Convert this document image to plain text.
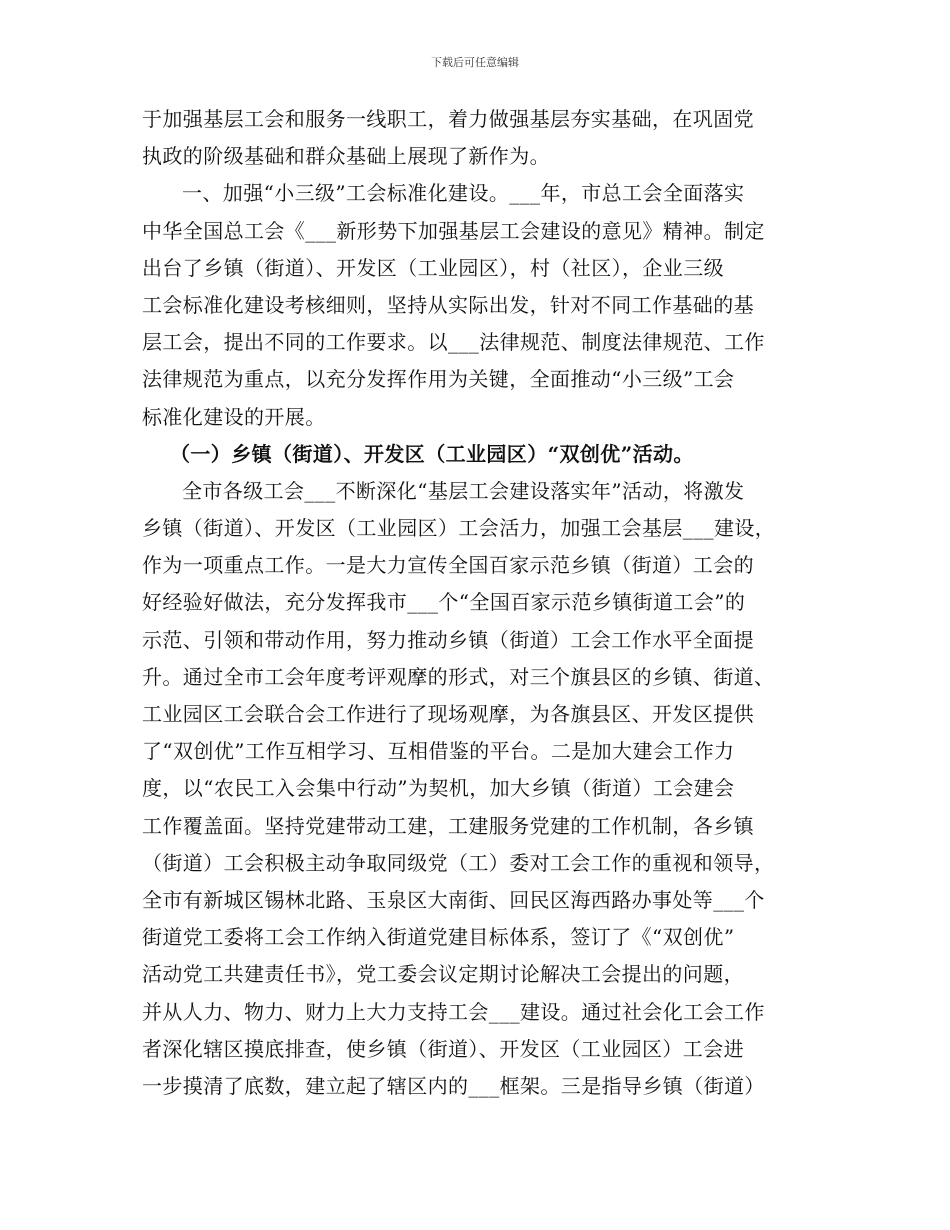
下载后可任意编辑
于加强基层工会和服务一线职工，着力做强基层夯实基础，在巩固党
执政的阶级基础和群众基础上展现了新作为。
一、加强“小三级”工会标准化建设。___年，市总工会全面落实
中华全国总工会《___新形势下加强基层工会建设的意见》精神。制定
出台了乡镇（街道）、开发区（工业园区），村（社区），企业三级
工会标准化建设考核细则，坚持从实际出发，针对不同工作基础的基
层工会，提出不同的工作要求。以___法律规范、制度法律规范、工作
法律规范为重点，以充分发挥作用为关键，全面推动“小三级”工会
标准化建设的开展。
（一）乡镇（街道）、开发区（工业园区）“双创优”活动。
全市各级工会___不断深化“基层工会建设落实年”活动，将激发
乡镇（街道）、开发区（工业园区）工会活力，加强工会基层___建设，
作为一项重点工作。一是大力宣传全国百家示范乡镇（街道）工会的
好经验好做法，充分发挥我市___个“全国百家示范乡镇街道工会”的
示范、引领和带动作用，努力推动乡镇（街道）工会工作水平全面提
升。通过全市工会年度考评观摩的形式，对三个旗县区的乡镇、街道、
工业园区工会联合会工作进行了现场观摩，为各旗县区、开发区提供
了“双创优”工作互相学习、互相借鉴的平台。二是加大建会工作力
度，以“农民工入会集中行动”为契机，加大乡镇（街道）工会建会
工作覆盖面。坚持党建带动工建，工建服务党建的工作机制，各乡镇
（街道）工会积极主动争取同级党（工）委对工会工作的重视和领导，
全市有新城区锡林北路、玉泉区大南街、回民区海西路办事处等___个
街道党工委将工会工作纳入街道党建目标体系，签订了《“双创优”
活动党工共建责任书》，党工委会议定期讨论解决工会提出的问题，
并从人力、物力、财力上大力支持工会___建设。通过社会化工会工作
者深化辖区摸底排查，使乡镇（街道）、开发区（工业园区）工会进
一步摸清了底数，建立起了辖区内的___框架。三是指导乡镇（街道）
